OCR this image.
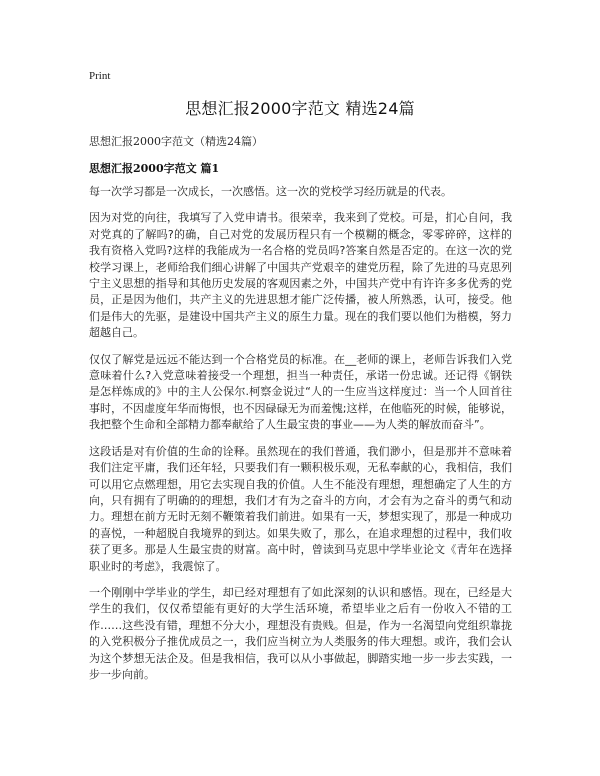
Print
思想汇报2000字范文 精选24篇
思想汇报2000字范文（精选24篇）
思想汇报2000字范文 篇1

每一次学习都是一次成长，一次感悟。这一次的党校学习经历就是的代表。

因为对党的向往，我填写了入党申请书。很荣幸，我来到了党校。可是，扪心自问，我对党真的了解吗?的确，自己对党的发展历程只有一个模糊的概念，零零碎碎，这样的我有资格入党吗?这样的我能成为一名合格的党员吗?答案自然是否定的。在这一次的党校学习课上，老师给我们细心讲解了中国共产党艰辛的建党历程，除了先进的马克思列宁主义思想的指导和其他历史发展的客观因素之外，中国共产党中有许许多多优秀的党员，正是因为他们，共产主义的先进思想才能广泛传播，被人所熟悉，认可，接受。他们是伟大的先驱，是建设中国共产主义的原生力量。现在的我们要以他们为楷模，努力超越自己。

仅仅了解党是远远不能达到一个合格党员的标准。在__老师的课上，老师告诉我们入党意味着什么?入党意味着接受一个理想，担当一种责任，承诺一份忠诚。还记得《钢铁是怎样炼成的》中的主人公保尔.柯察金说过“人的一生应当这样度过：当一个人回首往事时，不因虚度年华而悔恨，也不因碌碌无为而羞愧;这样，在他临死的时候，能够说，我把整个生命和全部精力都奉献给了人生最宝贵的事业——为人类的解放而奋斗”。

这段话是对有价值的生命的诠释。虽然现在的我们普通，我们渺小，但是那并不意味着我们注定平庸，我们还年轻，只要我们有一颗积极乐观，无私奉献的心，我相信，我们可以用它点燃理想，用它去实现自我的价值。人生不能没有理想，理想确定了人生的方向，只有拥有了明确的的理想，我们才有为之奋斗的方向，才会有为之奋斗的勇气和动力。理想在前方无时无刻不鞭策着我们前进。如果有一天，梦想实现了，那是一种成功的喜悦，一种超脱自我境界的到达。如果失败了，那么，在追求理想的过程中，我们收获了更多。那是人生最宝贵的财富。高中时，曾读到马克思中学毕业论文《青年在选择职业时的考虑》，我震惊了。

一个刚刚中学毕业的学生，却已经对理想有了如此深刻的认识和感悟。现在，已经是大学生的我们，仅仅希望能有更好的大学生活环境，希望毕业之后有一份收入不错的工作……这些没有错，理想不分大小，理想没有贵贱。但是，作为一名渴望向党组织靠拢的入党积极分子推优成员之一，我们应当树立为人类服务的伟大理想。或许，我们会认为这个梦想无法企及。但是我相信，我可以从小事做起，脚踏实地一步一步去实践，一步一步向前。
